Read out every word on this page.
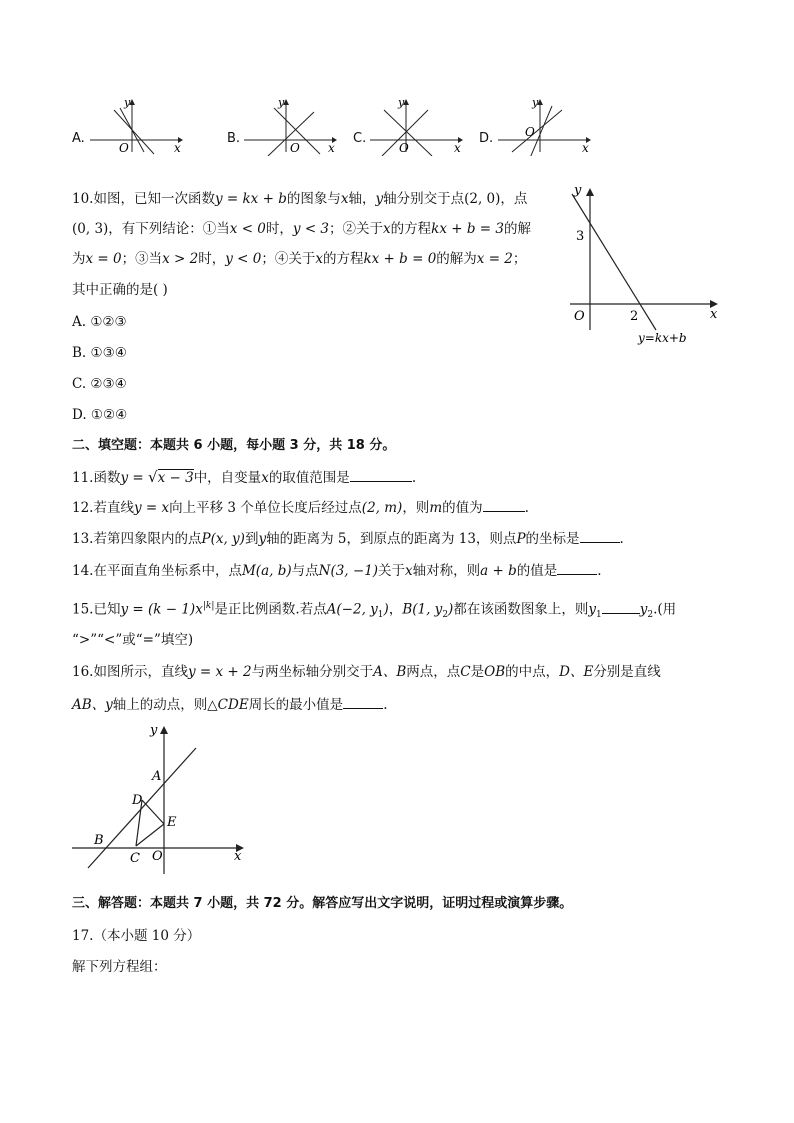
A.
y
x
O
B.
y
x
O
C.
y
x
O
D.
y
x
O
10.如图，已知一次函数y = kx + b的图象与x轴，y轴分别交于点(2, 0)，点
(0, 3)，有下列结论：①当x < 0时，y < 3；②关于x的方程kx + b = 3的解
为x = 0；③当x > 2时，y < 0；④关于x的方程kx + b = 0的解为x = 2；
其中正确的是( )
A. ①②③
B. ①③④
C. ②③④
D. ①②④
y
x
O
3
2
y=kx+b
二、填空题：本题共 6 小题，每小题 3 分，共 18 分。
11.函数y = √x − 3中，自变量x的取值范围是	.
12.若直线y = x向上平移 3 个单位长度后经过点(2, m)，则m的值为	.
13.若第四象限内的点P(x, y)到y轴的距离为 5，到原点的距离为 13，则点P的坐标是	.
14.在平面直角坐标系中，点M(a, b)与点N(3, −1)关于x轴对称，则a + b的值是	.
15.已知$y = (k - 1)x^{|k|}$是正比例函数.若点A(−2, $y_1$)，B(1, $y_2$)都在该函数图象上，则$y_1$	$y_2$.(用
“>”“<”或“=”填空)
16.如图所示，直线y = x + 2与两坐标轴分别交于A、B两点，点C是OB的中点，D、E分别是直线
AB、y轴上的动点，则△CDE周长的最小值是	.
y
x
A
B
C
D
E
O
三、解答题：本题共 7 小题，共 72 分。解答应写出文字说明，证明过程或演算步骤。
17.（本小题 10 分）
解下列方程组：
